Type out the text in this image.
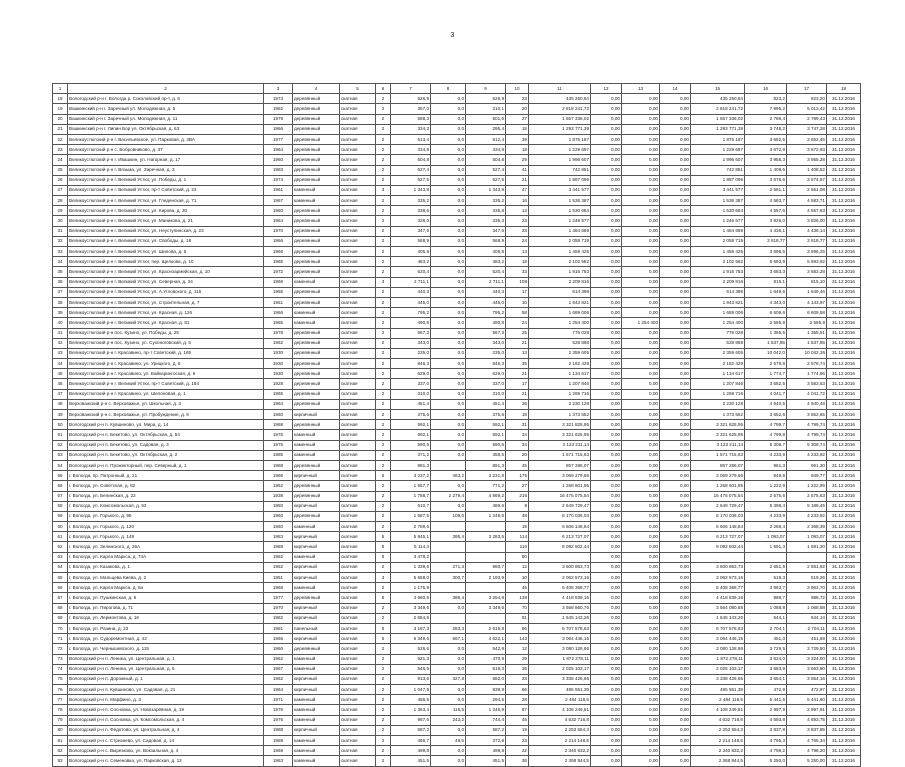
3
1	2	3	4	5	6	7	8	9	10	11	12	13	14	15	16	17	18
18	Вологодский р-н г. Вологда р. Соколовский пр-т, д. 6	1973	деревянный	скатная	2	526,9	0,0	526,9	23	435 250,84	0,00	0,00	0,00	435 250,84	823,2	823,20	31.12.2016
19	Вашкинский р-н г. Заречный ул. Молодежная, д. 5	1982	деревянный	скатная	2	357,0	0,0	210,1	20	2 818 241,72	0,00	0,00	0,00	2 818 241,72	7 895,2	5 013,42	31.12.2016
20	Вашкинский р-н г. Заречный ул. Молодежная, д. 11	1979	деревянный	скатная	2	588,3	0,0	501,6	27	1 557 336,02	0,00	0,00	0,00	1 557 336,02	2 789,4	2 789,43	31.12.2016
21	Вашкинский р-н г. Липин Бор ул. Октябрьская, д. 63	1966	деревянный	скатная	2	334,3	0,0	295,4	15	1 293 771,39	0,00	0,00	0,00	1 293 771,39	3 748,2	3 747,28	31.12.2016
22	Великоустюгский р-н г. Васильевское, ул. Парковая, д. 3ВА	1977	деревянный	скатная	2	513,4	0,0	512,4	39	1 875 187	0,00	0,00	0,00	1 875 187	3 652,5	3 652,45	31.12.2016
23	Великоустюгский р-н с. Бобровниково, д. 37	1964	деревянный	скатная	2	334,8	0,0	334,8	18	1 229 697	0,00	0,00	0,00	1 229 697	3 672,9	3 672,93	31.12.2016
24	Великоустюгский р-н г. Ивашкин, ул. Нагорная, д. 17	1960	деревянный	скатная	2	504,8	0,0	504,8	29	1 996 607	0,00	0,00	0,00	1 996 607	3 955,3	3 955,28	31.12.2016
25	Великоустюгский р-н г. Вязьма, ул. Заречная, д. 3	1983	деревянный	скатная	2	527,4	0,0	527,4	41	742 851	0,00	0,00	0,00	742 851	1 408,5	1 408,52	31.12.2016
26	Великоустюгский р-н г. Великий Устюг, ул. Победы, д. 1	1974	деревянный	скатная	2	527,5	0,0	527,5	21	1 887 096	0,00	0,00	0,00	1 887 096	3 576,6	3 574,57	31.12.2016
27	Великоустюгский р-н г. Великий Устюг, пр-т Советский, д. 23	1961	каменный	скатная	3	1 343,8	0,0	1 343,8	47	3 441 577	0,00	0,00	0,00	3 441 577	2 561,1	2 561,08	31.12.2016
28	Великоустюгский р-н г. Великий Устюг, ул. Гледенская, д. 71	1967	каменный	скатная	2	335,2	0,0	335,2	16	1 536 387	0,00	0,00	0,00	1 536 387	4 583,7	4 583,71	31.12.2016
29	Великоустюгский р-н г. Великий Устюг, ул. Кирова, д. 30	1960	деревянный	скатная	2	338,6	0,0	335,8	13	1 530 684	0,00	0,00	0,00	1 530 684	4 557,6	4 557,63	31.12.2016
30	Великоустюгский р-н г. Великий Устюг, ул. Маникова, д. 21	1964	деревянный	скатная	2	328,0	0,0	335,3	23	1 246 577	0,00	0,00	0,00	1 246 577	3 826,0	3 826,00	31.12.2016
31	Великоустюгский р-н г. Великий Устюг, ул. Неуступинская, д. 23	1970	деревянный	скатная	2	347,6	0,0	347,6	23	1 484 669	0,00	0,00	0,00	1 484 669	4 436,1	4 436,14	31.12.2016
32	Великоустюгский р-н г. Великий Устюг, ул. Свободы, д. 18	1966	деревянный	скатная	2	568,9	0,0	568,9	24	2 058 719	0,00	0,00	0,00	2 058 719	3 618,77	3 618,77	31.12.2016
33	Великоустюгский р-н г. Великий Устюг, ул. Шилова, д. 5	1966	деревянный	скатная	2	405,8	0,0	405,8	13	1 459 425	0,00	0,00	0,00	1 459 425	3 596,5	3 596,25	31.12.2016
34	Великоустюгский р-н г. Великий Устюг, пер. Щелкова, д. 10	1965	деревянный	скатная	2	483,2	0,0	483,2	18	2 102 582	0,00	0,00	0,00	2 102 582	5 593,9	5 593,92	31.12.2016
35	Великоустюгский р-н г. Великий Устюг, ул. Красноармейская, д. 10	1972	деревянный	скатная	2	520,4	0,0	520,4	33	1 916 783	0,00	0,00	0,00	1 916 783	3 683,3	3 683,28	31.12.2016
36	Великоустюгский р-н г. Великий Устюг, ул. Северная, д. 34	1966	каменный	скатная	3	2 711,1	0,0	2 711,1	108	2 209 816	0,00	0,00	0,00	2 209 816	815,1	815,10	31.12.2016
37	Великоустюгский р-н г. Великий Устюг, ул. А.Угловского, д. 115	1955	деревянный	скатная	2	440,3	0,0	440,3	17	614 398	0,00	0,00	0,00	614 398	1 649,6	1 649,46	31.12.2016
38	Великоустюгский р-н г. Великий Устюг, ул. Строительная, д. 7	1951	деревянный	скатная	2	445,0	0,0	445,0	10	1 943 821	0,00	0,00	0,00	1 943 821	4 343,0	4 143,97	31.12.2016
39	Великоустюгский р-н г. Великий Устюг, ул. Красная, д. 126	1966	каменный	скатная	2	795,2	0,0	795,2	58	1 689 006	0,00	0,00	0,00	1 689 006	6 609,6	6 609,58	31.12.2016
40	Великоустюгский р-н г. Великий Устюг, ул. Красная, д. 81	1965	каменный	скатная	2	490,8	0,0	490,8	24	1 254 400	0,00	1 254 400	0,00	1 254 400	2 555,8	2 555,8	31.12.2016
41	Великоустюгский р-н пос. Кузино, ул. Победы, д. 25	1978	деревянный	скатная	2	567,3	0,0	567,3	25	776 028	0,00	0,00	0,00	776 028	1 355,5	1 355,51	31.12.2016
42	Великоустюгский р-н пос. Кузино, ул. Сухоноговский, д. 5	1962	деревянный	скатная	2	343,0	0,0	343,0	21	528 868	0,00	0,00	0,00	528 868	1 537,85	1 537,85	31.12.2016
43	Великоустюгский р-н г. Красавино, пр-т Советский, д. 165	1930	деревянный	скатная	2	235,0	0,0	235,0	13	2 359 605	0,00	0,00	0,00	2 359 605	10 042,0	10 042,36	31.12.2016
44	Великоустюгский р-н г. Красавино, ул. Урицкого, д. 6	1930	деревянный	скатная	2	846,3	0,0	846,3	35	2 182 429	0,00	0,00	0,00	2 182 429	2 578,8	2 578,74	31.12.2016
45	Великоустюгский р-н г. Красавино, ул. Байкарингоская, д. 6	1930	деревянный	скатная	2	629,0	0,0	629,0	21	1 134 617	0,00	0,00	0,00	1 134 617	1 774,7	1 774,66	31.12.2016
46	Великоустюгский р-н г. Великий Устюг, пр-т Советский, д. 184	1928	деревянный	скатная	2	337,0	0,0	337,0	17	1 207 846	0,00	0,00	0,00	1 207 846	3 582,5	3 583,53	31.12.2016
47	Великоустюгский р-н г. Красавино, ул. Шелоновая, д. 1	1965	деревянный	скатная	2	310,0	0,0	310,0	21	1 269 716	0,00	0,00	0,00	1 269 716	4 041,7	4 041,72	31.12.2016
48	Верховажский р-н с. Верховажье, ул. Школьная, д. 3	1964	деревянный	скатная	2	451,4	0,0	451,4	36	2 230 128	0,00	0,00	0,00	2 230 128	4 940,5	4 940,48	31.12.2016
49	Верховажский р-н с. Верховажье, ул. Пробуждение, д. 9	1960	кирпичный	скатная	2	375,6	0,0	375,6	18	1 373 552	0,00	0,00	0,00	1 373 552	3 652,6	3 652,65	31.12.2016
50	Вологодский р-н п. Кувшиново, ул. Мира, д. 14	1968	деревянный	скатная	2	592,1	0,0	592,1	31	3 321 825,95	0,00	0,00	0,00	3 321 825,95	4 799,7	4 799,74	31.12.2016
51	Вологодский р-н п. Бекетово, ул. Октябрьская, д. 54	1976	каменный	скатная	2	692,1	0,0	692,1	34	3 321 625,95	0,00	0,00	0,00	3 321 625,95	4 799,8	4 799,74	31.12.2016
52	Вологодский р-н п. Бекетово, ул. Садовая, д. 3	1975	каменный	скатная	2	590,5	0,0	590,5	34	3 123 211,14	0,00	0,00	0,00	3 123 211,14	5 308,7	5 308,74	31.12.2016
53	Вологодский р-н п. Бекетово, ул. Октябрьская, д. 2	1985	каменный	скатная	2	371,2	0,0	358,5	20	1 571 715,63	0,00	0,00	0,00	1 571 715,63	4 233,9	4 233,92	31.12.2016
54	Вологодский р-н п. Прожекторный, пер. Северный, д. 1	1988	деревянный	скатная	2	891,3		891,3	45	857 286,07	0,00	0,00	0,00	857 286,07	961,3	961,30	31.12.2016
55	г. Вологда, пр. Патронный, д. 21	1986	кирпичный	скатная	5	3 237,2	463,2	3 231,8	175	3 069 279,66	0,00	0,00	0,00	3 069 279,66	949,8	949,77	31.12.2016
56	г. Вологда, ул. Советская, д. 82	1952	деревянный	скатная	2	1 557,7	0,0	771,2	27	1 268 601,95	0,00	0,00	0,00	1 268 601,95	1 222,9	1 222,99	31.12.2016
57	г. Вологда, ул. Белинская, д. 22	1938	деревянный	скатная	2	1 788,7	2 279,4	4 869,2	216	16 475 075,54	0,00	0,00	0,00	16 475 075,54	2 575,6	2 575,63	31.12.2016
58	г. Вологда, ул. Комсомольская, д. 53	1950	кирпичный	скатная	2	510,7	0,0	469,6	8	2 649 729,47	0,00	0,00	0,00	2 649 729,47	5 398,4	5 188,45	31.12.2016
59	г. Вологда, ул. Горького, д. 95	1960	деревянный	скатная	2	1 587,5	108,0	1 248,6	48	6 170 036,03	0,00	0,00	0,00	6 170 036,03	4 233,9	4 233,92	31.12.2016
60	г. Вологда, ул. Горького, д. 120	1960	каменный	скатная	2	2 789,6			19	6 606 148,84	0,00	0,00	0,00	6 606 148,84	2 268,4	2 368,39	31.12.2016
61	г. Вологда, ул. Горького, д. 148	1983	кирпичный	скатная	5	5 945,1	395,4	3 283,5	114	6 213 727,07	0,00	0,00	0,00	6 213 727,07	1 093,07	1 093,07	31.12.2016
62	г. Вологда, ул. Зелинского, д. 26А	1988	кирпичный	скатная	5	5 114,4			110	8 092 502,44	0,00	0,00	0,00	8 092 502,44	1 591,3	1 591,30	31.12.2016
63	г. Вологда, ул. Карла Маркса, д. 74А	1982	каменный	скатная	5	3 478,2			80		0,00	0,00	0,00				31.12.2016
64	г. Вологда, ул. Казакова, д. 1	1952	кирпичный	скатная	2	1 339,6	271,3	960,7	12	3 600 863,73	0,00	0,00	0,00	3 600 863,73	2 651,9	2 651,92	31.12.2016
65	г. Вологда, ул. Мальцева Киева, д. 2	1951	кирпичный	скатная	3	5 658,0	300,7	2 193,9	10	2 062 573,16	0,00	0,00	0,00	3 062 573,16	519,3	519,26	31.12.2016
66	г. Вологда, ул. Карла Маркса, д. 5а	1968	каменный	скатная	2	1 175,9			45	5 408 368,77	0,00	0,00	0,00	5 408 368,77	3 963,7	3 963,70	31.12.2016
67	г. Вологда, ул. Пушкинская, д. 5	1977	деревянный	скатная	5	4 660,5	386,4	3 254,8	138	4 418 839,16	0,00	0,00	0,00	4 418 839,16	988,7	988,72	31.12.2016
68	г. Вологда, ул. Пирогова, д. 71	1970	кирпичный	скатная	2	3 349,6	0,0	3 349,6	70	3 568 860,76	0,00	0,00	0,00	3 564 080,68	1 068,8	1 068,88	31.12.2016
69	г. Вологда, ул. Лермонтова, д. 16	1982	кирпичный	скатная	2	2 654,6			81	1 645 143,26	0,00	0,00	0,00	1 645 143,26	644,1	644,14	31.12.2016
70	г. Вологда, ул. Разина, д. 23	1981	панельный	скатная	5	3 167,3	283,3	2 615,8	96	6 707 578,63	0,00	0,00	0,00	6 707 578,63	2 704,1	2 704,11	31.12.2016
71	г. Вологда, ул. Судоремонтная, д. 42	1966	кирпичный	скатная	5	6 349,6	667,1	4 622,1	143	3 064 446,15	0,00	0,00	0,00	3 064 446,15	451,0	451,69	31.12.2016
72	г. Вологда, ул. Чернышевского, д. 115	1960	деревянный	скатная	2	526,6	0,0	542,8	12	3 080 128,86	0,00	0,00	0,00	3 080 128,86	3 729,5	3 729,50	31.12.2016
73	Вологодский р-н п. Ленина, ул. Центральная, д. 1	1962	каменный	скатная	2	521,3	0,0	470,9	29	1 872 278,11	0,00	0,00	0,00	1 872 278,11	3 524,0	3 324,00	31.12.2016
74	Вологодский р-н п. Ленина, ул. Центральная, д. 5	1967	каменный	скатная	2	546,5	0,0	519,3	36	2 025 103,17	0,00	0,00	0,00	2 025 103,17	3 683,9	3 663,90	31.12.2016
75	Вологодский р-н п. Дорожный, д. 1	1962	кирпичный	скатная	2	913,6	327,8	682,0	23	3 338 426,65	0,00	0,00	0,00	3 338 426,65	3 654,1	3 654,16	31.12.2016
76	Вологодский р-н п. Кувшиново, ул. Садовая, д. 21	1964	кирпичный	скатная	2	1 047,9	0,0	939,9	66	495 551,39	0,00	0,00	0,00	495 551,39	472,9	472,97	31.12.2016
77	Вологодский р-н п. Марфино, д. 3	1971	каменный	скатная	2	456,5	0,0	294,5	28	2 484 118,5	0,00	0,00	0,00	2 484 118,5	5 441,6	5 441,60	31.12.2016
78	Вологодский р-н п. Сосновка, ул. Новозарёвная, д. 19	1976	каменный	скатная	2	1 363,4	116,5	1 246,9	87	4 108 249,81	0,00	0,00	0,00	4 108 249,81	2 997,9	2 997,91	31.12.2016
79	Вологодский р-н п. Сосновка, ул. Комсомольская, д. 4	1976	каменный	скатная	2	987,6	243,2	744,4	45	4 632 716,8	0,00	0,00	0,00	4 632 716,8	4 693,8	4 693,75	31.12.2016
80	Вологодский р-н п. Федотово, ул. Центральная, д. 4	1988	кирпичный	скатная	2	587,2	0,0	587,2	19	2 253 554,3	0,00	0,00	0,00	2 253 554,3	3 837,8	3 837,85	31.12.2016
81	Вологодский р-н с. Стризнево, ул. Садовая, д. 14	1988	каменный	скатная	2	466,7	49,5	372,9	23	2 214 148,5	0,00	0,00	0,00	2 214 148,5	4 765,3	4 765,34	31.12.2016
82	Вологодский р-н с. Вырезково, ул. Вокзальная, д. 4	1969	каменный	скатная	2	499,8	0,0	499,8	22	2 340 832,2	0,00	0,00	0,00	2 340 832,2	4 798,2	4 798,20	31.12.2016
83	Вологодский р-н п. Семеновка, ул. Парковская, д. 12	1963	каменный	скатная	2	451,5	0,0	451,5	36	2 368 844,5	0,00	0,00	0,00	2 368 844,5	5 250,0	5 250,00	31.12.2016
